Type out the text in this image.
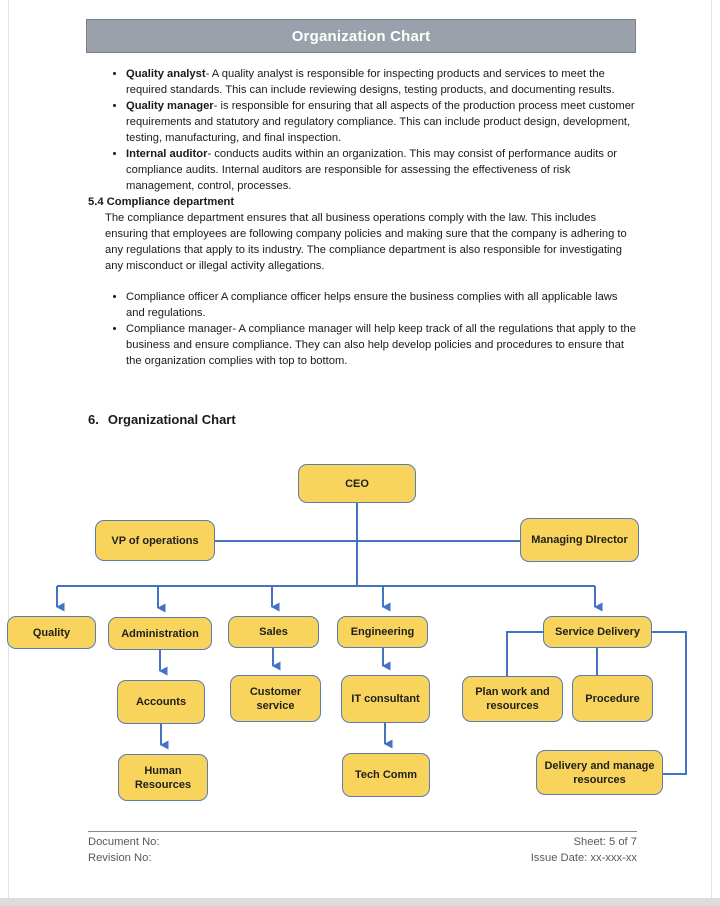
Organization Chart
• Quality analyst- A quality analyst is responsible for inspecting products and services to meet the required standards. This can include reviewing designs, testing products, and documenting results.
• Quality manager- is responsible for ensuring that all aspects of the production process meet customer requirements and statutory and regulatory compliance. This can include product design, development, testing, manufacturing, and final inspection.
• Internal auditor- conducts audits within an organization. This may consist of performance audits or compliance audits. Internal auditors are responsible for assessing the effectiveness of risk management, control, processes.

5.4 Compliance department

The compliance department ensures that all business operations comply with the law. This includes ensuring that employees are following company policies and making sure that the company is adhering to any regulations that apply to its industry. The compliance department is also responsible for investigating any misconduct or illegal activity allegations.

• Compliance officer A compliance officer helps ensure the business complies with all applicable laws and regulations.
• Compliance manager- A compliance manager will help keep track of all the regulations that apply to the business and ensure compliance. They can also help develop policies and procedures to ensure that the organization complies with top to bottom.
6. Organizational Chart
CEO
VP of operations	Managing DIrector
Quality	Administration	Sales	Engineering	Service Delivery
Accounts
Customer service
IT consultant
Plan work and resources
Procedure
Human Resources
Tech Comm
Delivery and manage resources
Document No:
Revision No:
Sheet: 5 of 7
Issue Date: xx-xxx-xx
